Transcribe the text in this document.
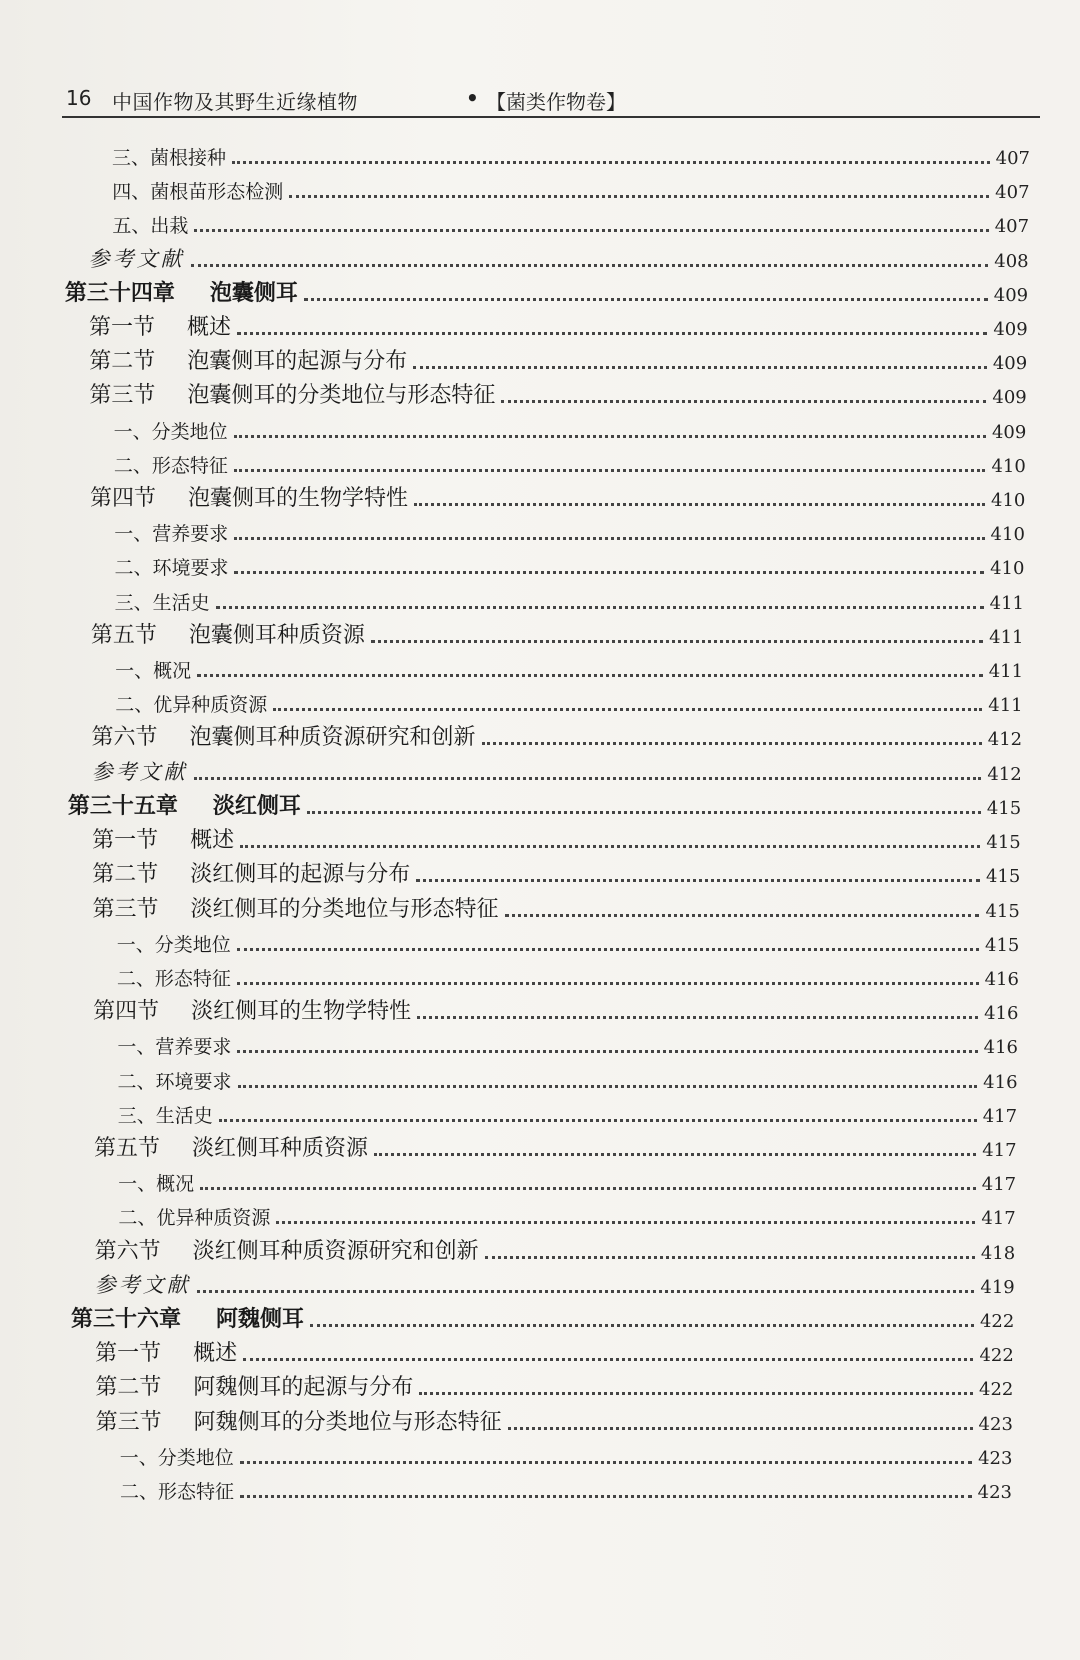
16 中国作物及其野生近缘植物	• 【菌类作物卷】
三、菌根接种	407
四、菌根苗形态检测	407
五、出栽	407
参考文献	408
第三十四章 泡囊侧耳	409
第一节 概述	409
第二节 泡囊侧耳的起源与分布	409
第三节 泡囊侧耳的分类地位与形态特征	409
一、分类地位	409
二、形态特征	410
第四节 泡囊侧耳的生物学特性	410
一、营养要求	410
二、环境要求	410
三、生活史	411
第五节 泡囊侧耳种质资源	411
一、概况	411
二、优异种质资源	411
第六节 泡囊侧耳种质资源研究和创新	412
参考文献	412
第三十五章 淡红侧耳	415
第一节 概述	415
第二节 淡红侧耳的起源与分布	415
第三节 淡红侧耳的分类地位与形态特征	415
一、分类地位	415
二、形态特征	416
第四节 淡红侧耳的生物学特性	416
一、营养要求	416
二、环境要求	416
三、生活史	417
第五节 淡红侧耳种质资源	417
一、概况	417
二、优异种质资源	417
第六节 淡红侧耳种质资源研究和创新	418
参考文献	419
第三十六章 阿魏侧耳	422
第一节 概述	422
第二节 阿魏侧耳的起源与分布	422
第三节 阿魏侧耳的分类地位与形态特征	423
一、分类地位	423
二、形态特征	423
